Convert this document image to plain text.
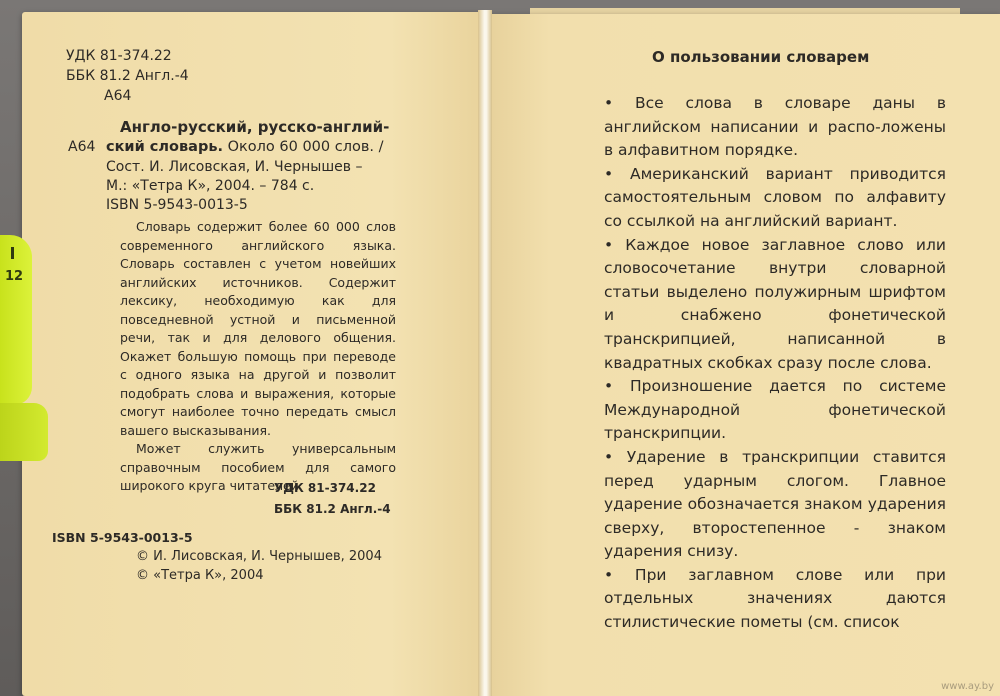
УДК 81-374.22
ББК 81.2 Англ.-4
А64
А64
Англо-русский, русско-англий-
ский словарь. Около 60 000 слов. /
Сост. И. Лисовская, И. Чернышев –
М.: «Тетра К», 2004. – 784 с.
ISBN 5-9543-0013-5

Словарь содержит более 60 000 слов современного английского языка. Словарь составлен с учетом новейших английских источников. Содержит лексику, необходимую как для повседневной устной и письменной речи, так и для делового общения. Окажет большую помощь при переводе с одного языка на другой и позволит подобрать слова и выражения, которые смогут наиболее точно передать смысл вашего высказывания.

Может служить универсальным справочным пособием для самого широкого круга читателей.

УДК 81-374.22
ББК 81.2 Англ.-4
ISBN 5-9543-0013-5
© И. Лисовская, И. Чернышев, 2004
© «Тетра К», 2004
О пользовании словарем

• Все слова в словаре даны в английском написании и распо-ложены в алфавитном порядке.

• Американский вариант приводится самостоятельным словом по алфавиту со ссылкой на английский вариант.

• Каждое новое заглавное слово или словосочетание внутри словарной статьи выделено полужирным шрифтом и снабжено фонетической транскрипцией, написанной в квадратных скобках сразу после слова.

• Произношение дается по системе Международной фонетической транскрипции.

• Ударение в транскрипции ставится перед ударным слогом. Главное ударение обозначается знаком ударения сверху, второстепенное - знаком ударения снизу.

• При заглавном слове или при отдельных значениях даются стилистические пометы (см. список

12
www.ay.by
